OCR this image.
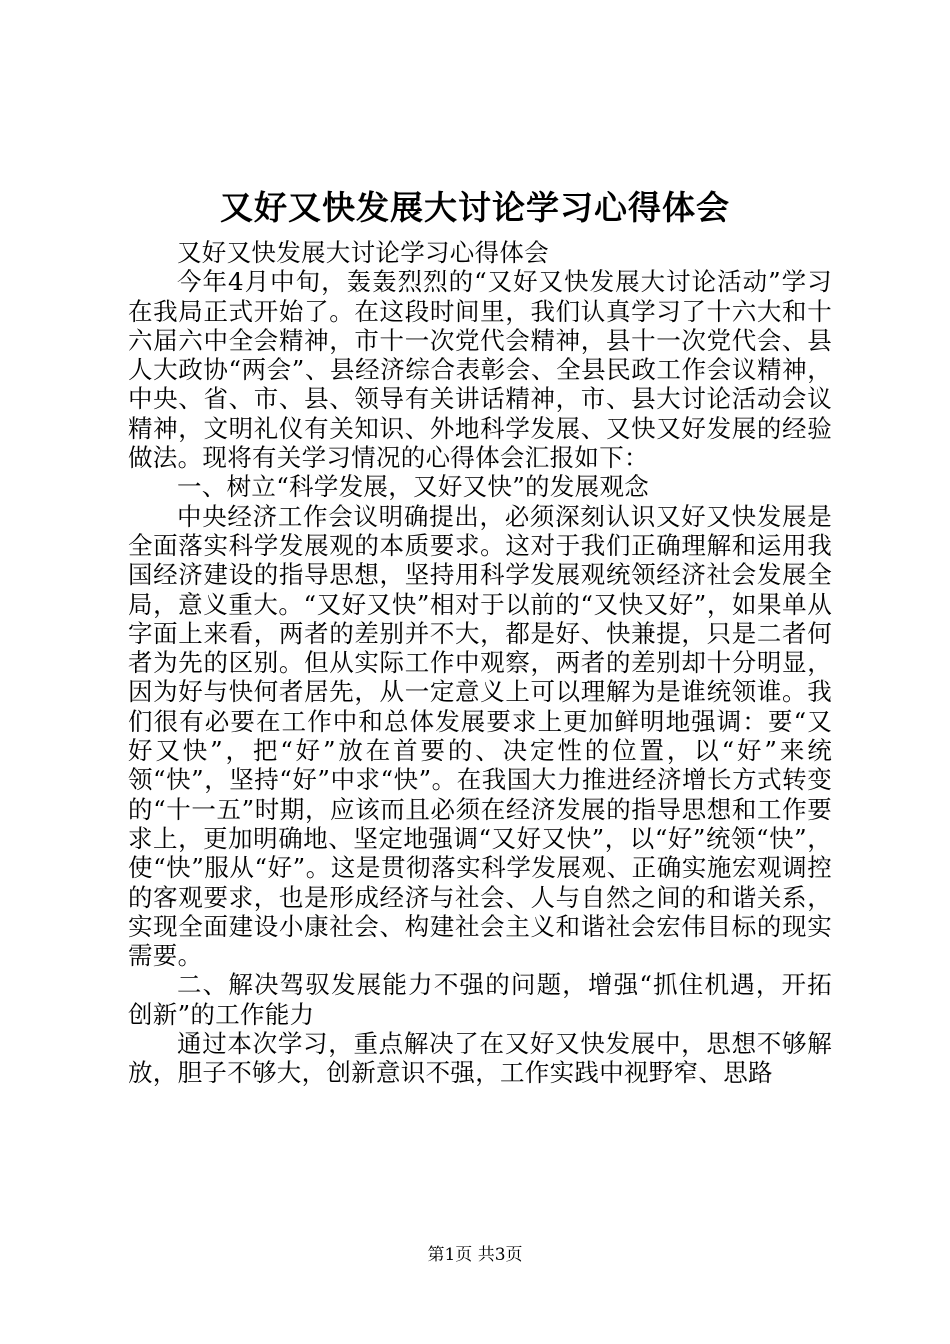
又好又快发展大讨论学习心得体会

又好又快发展大讨论学习心得体会

今年4月中旬，轰轰烈烈的“又好又快发展大讨论活动”学习在我局正式开始了。在这段时间里，我们认真学习了十六大和十六届六中全会精神，市十一次党代会精神，县十一次党代会、县人大政协“两会”、县经济综合表彰会、全县民政工作会议精神，中央、省、市、县、领导有关讲话精神，市、县大讨论活动会议精神，文明礼仪有关知识、外地科学发展、又快又好发展的经验做法。现将有关学习情况的心得体会汇报如下：

一、树立“科学发展，又好又快”的发展观念

中央经济工作会议明确提出，必须深刻认识又好又快发展是全面落实科学发展观的本质要求。这对于我们正确理解和运用我国经济建设的指导思想，坚持用科学发展观统领经济社会发展全局，意义重大。“又好又快”相对于以前的“又快又好”，如果单从字面上来看，两者的差别并不大，都是好、快兼提，只是二者何者为先的区别。但从实际工作中观察，两者的差别却十分明显，因为好与快何者居先，从一定意义上可以理解为是谁统领谁。我们很有必要在工作中和总体发展要求上更加鲜明地强调：要“又好又快”，把“好”放在首要的、决定性的位置，以“好”来统领“快”，坚持“好”中求“快”。在我国大力推进经济增长方式转变的“十一五”时期，应该而且必须在经济发展的指导思想和工作要求上，更加明确地、坚定地强调“又好又快”，以“好”统领“快”，使“快”服从“好”。这是贯彻落实科学发展观、正确实施宏观调控的客观要求，也是形成经济与社会、人与自然之间的和谐关系，实现全面建设小康社会、构建社会主义和谐社会宏伟目标的现实需要。

二、解决驾驭发展能力不强的问题，增强“抓住机遇，开拓创新”的工作能力

通过本次学习，重点解决了在又好又快发展中，思想不够解放，胆子不够大，创新意识不强，工作实践中视野窄、思路

第1页 共3页
